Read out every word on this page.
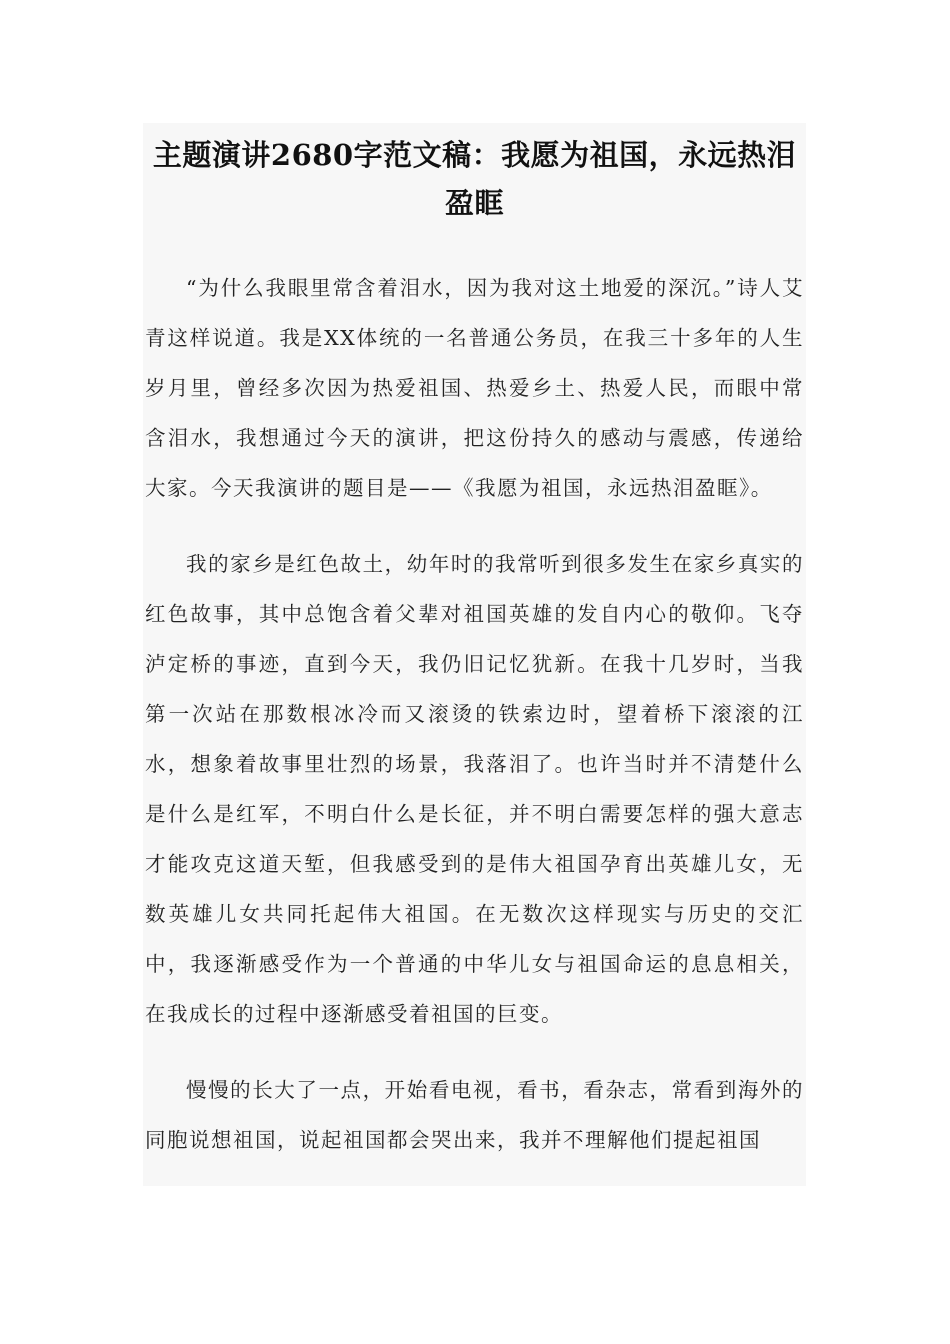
主题演讲2680字范文稿：我愿为祖国，永远热泪盈眶

“为什么我眼里常含着泪水，因为我对这土地爱的深沉。”诗人艾青这样说道。我是XX体统的一名普通公务员，在我三十多年的人生岁月里，曾经多次因为热爱祖国、热爱乡土、热爱人民，而眼中常含泪水，我想通过今天的演讲，把这份持久的感动与震感，传递给大家。今天我演讲的题目是——《我愿为祖国，永远热泪盈眶》。

我的家乡是红色故土，幼年时的我常听到很多发生在家乡真实的红色故事，其中总饱含着父辈对祖国英雄的发自内心的敬仰。飞夺泸定桥的事迹，直到今天，我仍旧记忆犹新。在我十几岁时，当我第一次站在那数根冰冷而又滚烫的铁索边时，望着桥下滚滚的江水，想象着故事里壮烈的场景，我落泪了。也许当时并不清楚什么是什么是红军，不明白什么是长征，并不明白需要怎样的强大意志才能攻克这道天堑，但我感受到的是伟大祖国孕育出英雄儿女，无数英雄儿女共同托起伟大祖国。在无数次这样现实与历史的交汇中，我逐渐感受作为一个普通的中华儿女与祖国命运的息息相关，在我成长的过程中逐渐感受着祖国的巨变。

慢慢的长大了一点，开始看电视，看书，看杂志，常看到海外的同胞说想祖国，说起祖国都会哭出来，我并不理解他们提起祖国
